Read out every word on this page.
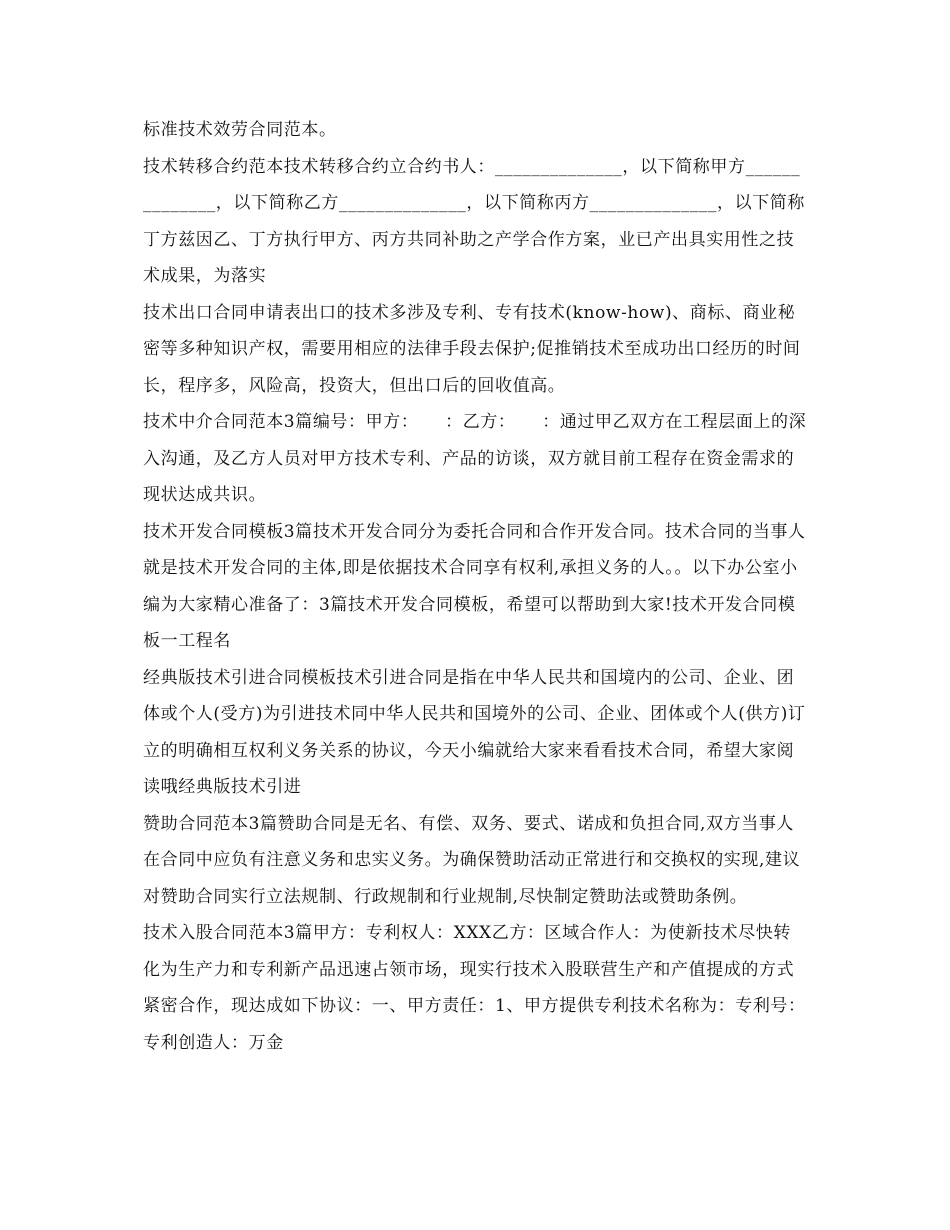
标准技术效劳合同范本。

技术转移合约范本技术转移合约立合约书人：______________，以下简称甲方______________，以下简称乙方______________，以下简称丙方______________，以下简称丁方兹因乙、丁方执行甲方、丙方共同补助之产学合作方案，业已产出具实用性之技术成果，为落实

技术出口合同申请表出口的技术多涉及专利、专有技术(know-how)、商标、商业秘密等多种知识产权，需要用相应的法律手段去保护;促推销技术至成功出口经历的时间长，程序多，风险高，投资大，但出口后的回收值高。

技术中介合同范本3篇编号：甲方：　　：乙方：　　：通过甲乙双方在工程层面上的深入沟通，及乙方人员对甲方技术专利、产品的访谈，双方就目前工程存在资金需求的现状达成共识。

技术开发合同模板3篇技术开发合同分为委托合同和合作开发合同。技术合同的当事人就是技术开发合同的主体,即是依据技术合同享有权利,承担义务的人。。以下办公室小编为大家精心准备了：3篇技术开发合同模板，希望可以帮助到大家!技术开发合同模板一工程名

经典版技术引进合同模板技术引进合同是指在中华人民共和国境内的公司、企业、团体或个人(受方)为引进技术同中华人民共和国境外的公司、企业、团体或个人(供方)订立的明确相互权利义务关系的协议，今天小编就给大家来看看技术合同，希望大家阅读哦经典版技术引进

赞助合同范本3篇赞助合同是无名、有偿、双务、要式、诺成和负担合同,双方当事人在合同中应负有注意义务和忠实义务。为确保赞助活动正常进行和交换权的实现,建议对赞助合同实行立法规制、行政规制和行业规制,尽快制定赞助法或赞助条例。

技术入股合同范本3篇甲方：专利权人：XXX乙方：区域合作人：为使新技术尽快转化为生产力和专利新产品迅速占领市场，现实行技术入股联营生产和产值提成的方式紧密合作，现达成如下协议：一、甲方责任：1、甲方提供专利技术名称为：专利号：专利创造人：万金
